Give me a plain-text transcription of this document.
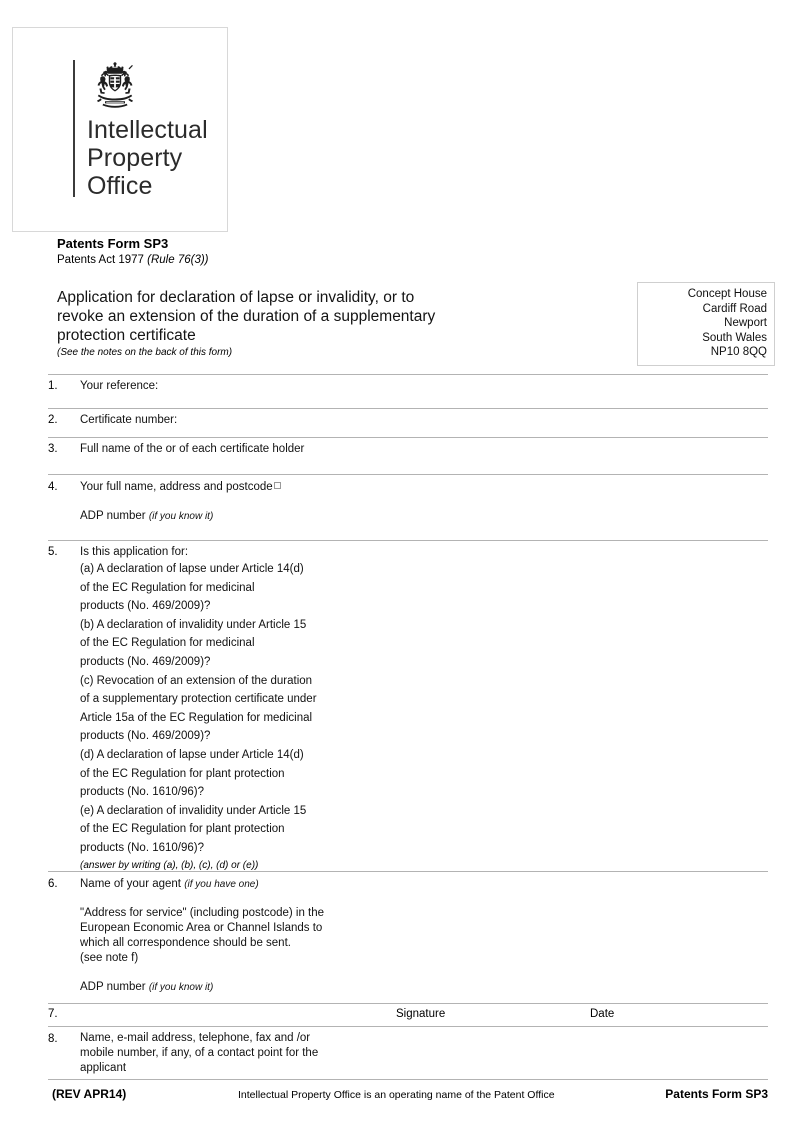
Intellectual
Property
Office
Patents Form SP3
Patents Act 1977 (Rule 76(3))
Application for declaration of lapse or invalidity, or to
revoke an extension of the duration of a supplementary
protection certificate
(See the notes on the back of this form)
Concept House
Cardiff Road
Newport
South Wales
NP10 8QQ
1.	Your reference:
2.	Certificate number:
3.	Full name of the or of each certificate holder
4.	Your full name, address and postcode
ADP number (if you know it)
5.	Is this application for:
(a) A declaration of lapse under Article 14(d)
of the EC Regulation for medicinal
products (No. 469/2009)?
(b) A declaration of invalidity under Article 15
of the EC Regulation for medicinal
products (No. 469/2009)?
(c) Revocation of an extension of the duration
of a supplementary protection certificate under
Article 15a of the EC Regulation for medicinal
products (No. 469/2009)?
(d) A declaration of lapse under Article 14(d)
of the EC Regulation for plant protection
products (No. 1610/96)?
(e) A declaration of invalidity under Article 15
of the EC Regulation for plant protection
products (No. 1610/96)?
(answer by writing (a), (b), (c), (d) or (e))
6.	Name of your agent (if you have one)
"Address for service" (including postcode) in the
European Economic Area or Channel Islands to
which all correspondence should be sent.
(see note f)
ADP number (if you know it)
7.	Signature	Date
8.	Name, e-mail address, telephone, fax and /or
mobile number, if any, of a contact point for the
applicant
(REV APR14)	Intellectual Property Office is an operating name of the Patent Office	Patents Form SP3
